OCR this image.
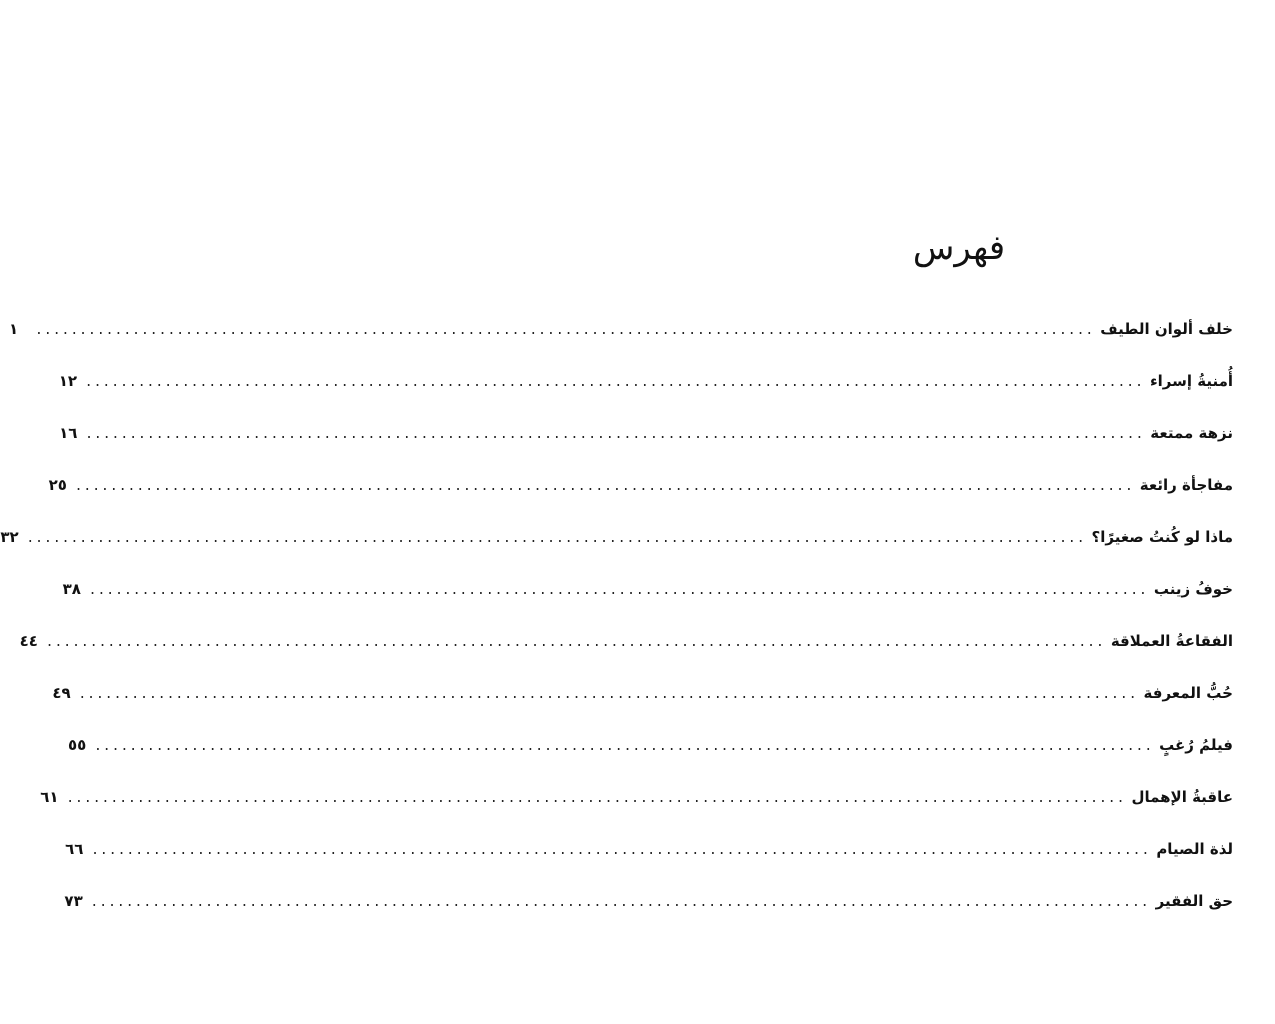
فهرس
خلف ألوان الطيف
........................................................................................................................
١
أُمنيةُ إسراء
........................................................................................................................
١٢
نزهة ممتعة
........................................................................................................................
١٦
مفاجأة رائعة
........................................................................................................................
٢٥
ماذا لو كُنتُ صغيرًا؟
........................................................................................................................
٣٢
خوفُ زينب
........................................................................................................................
٣٨
الفقاعةُ العملاقة
........................................................................................................................
٤٤
حُبُّ المعرفة
........................................................................................................................
٤٩
فيلمُ رُغبٍ
........................................................................................................................
٥٥
عاقبةُ الإهمال
........................................................................................................................
٦١
لذة الصيام
........................................................................................................................
٦٦
حق الفقير
........................................................................................................................
٧٣
